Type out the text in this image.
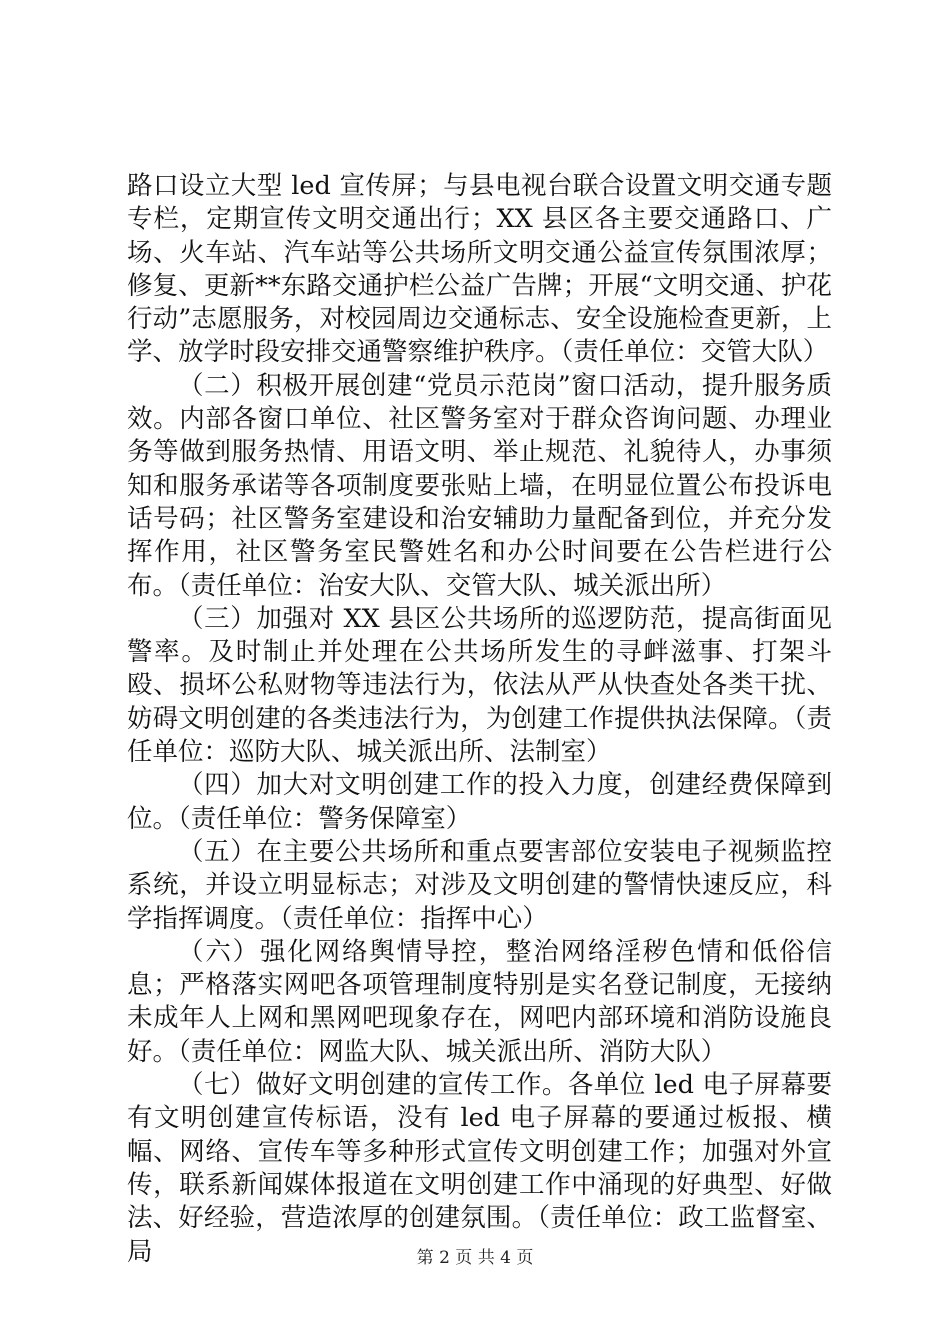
路口设立大型 led 宣传屏；与县电视台联合设置文明交通专题专栏，定期宣传文明交通出行；XX 县区各主要交通路口、广场、火车站、汽车站等公共场所文明交通公益宣传氛围浓厚；修复、更新**东路交通护栏公益广告牌；开展“文明交通、护花行动”志愿服务，对校园周边交通标志、安全设施检查更新，上学、放学时段安排交通警察维护秩序。（责任单位：交管大队）

（二）积极开展创建“党员示范岗”窗口活动，提升服务质效。内部各窗口单位、社区警务室对于群众咨询问题、办理业务等做到服务热情、用语文明、举止规范、礼貌待人，办事须知和服务承诺等各项制度要张贴上墙，在明显位置公布投诉电话号码；社区警务室建设和治安辅助力量配备到位，并充分发挥作用，社区警务室民警姓名和办公时间要在公告栏进行公布。（责任单位：治安大队、交管大队、城关派出所）

（三）加强对 XX 县区公共场所的巡逻防范，提高街面见警率。及时制止并处理在公共场所发生的寻衅滋事、打架斗殴、损坏公私财物等违法行为，依法从严从快查处各类干扰、妨碍文明创建的各类违法行为，为创建工作提供执法保障。（责任单位：巡防大队、城关派出所、法制室）

（四）加大对文明创建工作的投入力度，创建经费保障到位。（责任单位：警务保障室）

（五）在主要公共场所和重点要害部位安装电子视频监控系统，并设立明显标志；对涉及文明创建的警情快速反应，科学指挥调度。（责任单位：指挥中心）

（六）强化网络舆情导控，整治网络淫秽色情和低俗信息；严格落实网吧各项管理制度特别是实名登记制度，无接纳未成年人上网和黑网吧现象存在，网吧内部环境和消防设施良好。（责任单位：网监大队、城关派出所、消防大队）

（七）做好文明创建的宣传工作。各单位 led 电子屏幕要有文明创建宣传标语，没有 led 电子屏幕的要通过板报、横幅、网络、宣传车等多种形式宣传文明创建工作；加强对外宣传，联系新闻媒体报道在文明创建工作中涌现的好典型、好做法、好经验，营造浓厚的创建氛围。（责任单位：政工监督室、局	第 2 页 共 4 页
